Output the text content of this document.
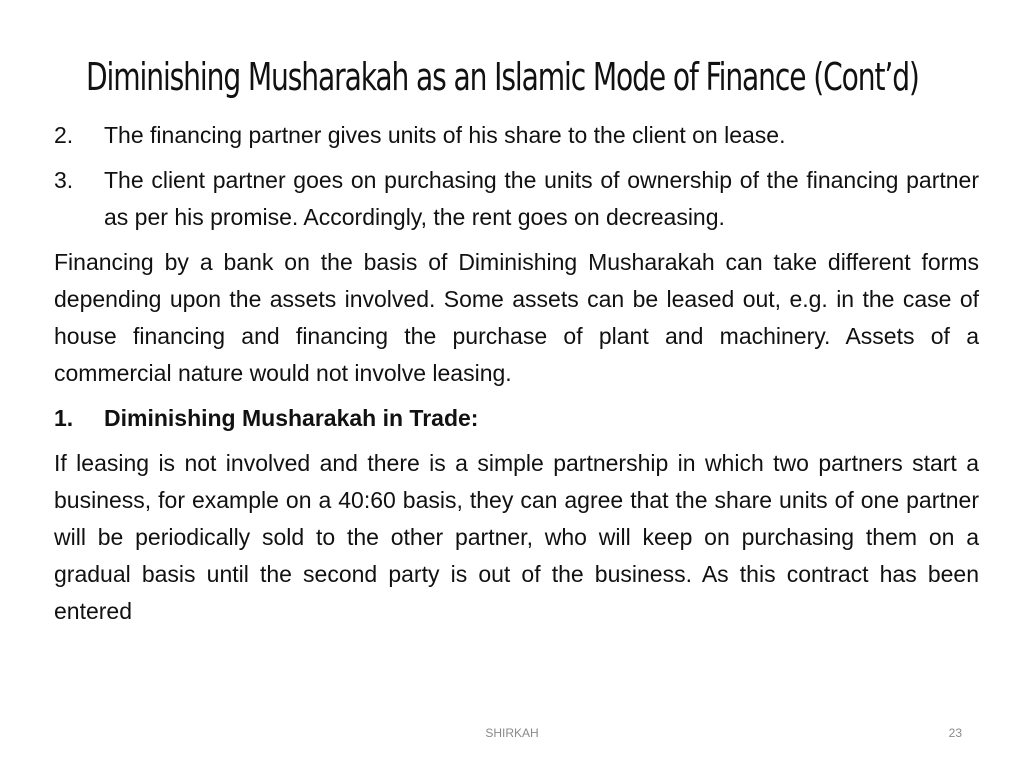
Diminishing Musharakah as an Islamic Mode of Finance (Cont’d)
2.	The financing partner gives units of his share to the client on lease.
3.	The client partner goes on purchasing the units of ownership of the financing partner as per his promise. Accordingly, the rent goes on decreasing.

Financing by a bank on the basis of Diminishing Musharakah can take different forms depending upon the assets involved. Some assets can be leased out, e.g. in the case of house financing and financing the purchase of plant and machinery. Assets of a commercial nature would not involve leasing.

1.	Diminishing Musharakah in Trade:

If leasing is not involved and there is a simple partnership in which two partners start a business, for example on a 40:60 basis, they can agree that the share units of one partner will be periodically sold to the other partner, who will keep on purchasing them on a gradual basis until the second party is out of the business. As this contract has been entered

SHIRKAH	23
